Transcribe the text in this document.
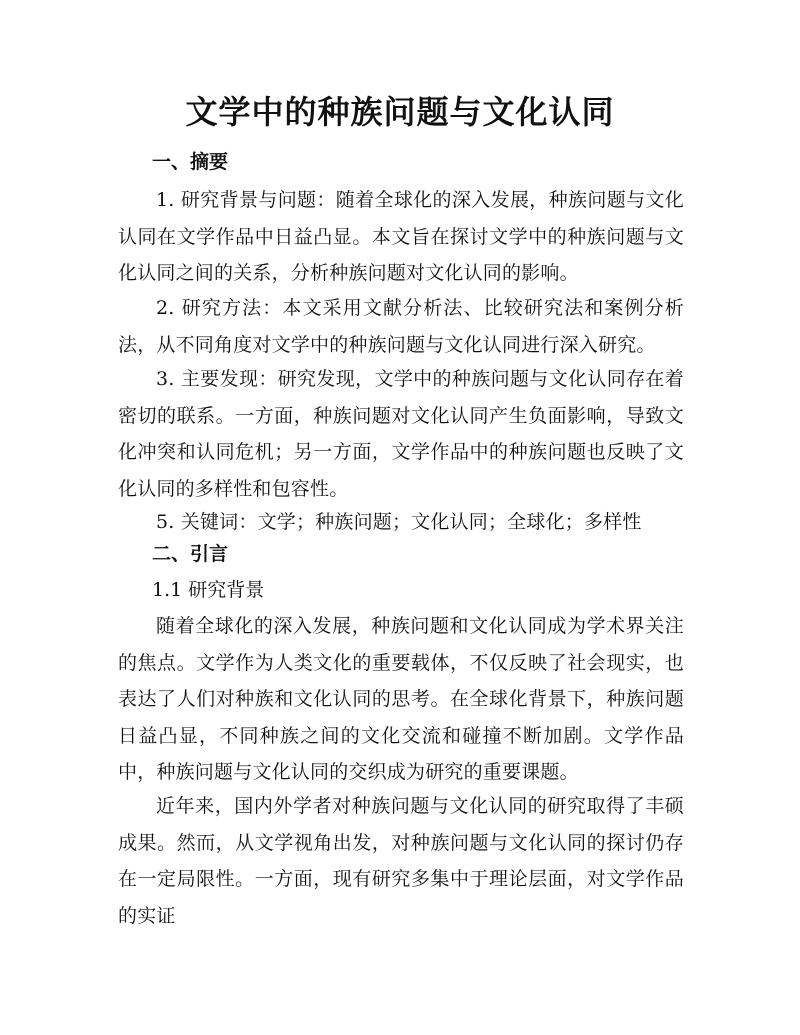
文学中的种族问题与文化认同
一、摘要
1. 研究背景与问题：随着全球化的深入发展，种族问题与文化认同在文学作品中日益凸显。本文旨在探讨文学中的种族问题与文化认同之间的关系，分析种族问题对文化认同的影响。
2. 研究方法：本文采用文献分析法、比较研究法和案例分析法，从不同角度对文学中的种族问题与文化认同进行深入研究。
3. 主要发现：研究发现，文学中的种族问题与文化认同存在着密切的联系。一方面，种族问题对文化认同产生负面影响，导致文化冲突和认同危机；另一方面，文学作品中的种族问题也反映了文化认同的多样性和包容性。
5. 关键词：文学；种族问题；文化认同；全球化；多样性
二、引言
1.1 研究背景
随着全球化的深入发展，种族问题和文化认同成为学术界关注的焦点。文学作为人类文化的重要载体，不仅反映了社会现实，也表达了人们对种族和文化认同的思考。在全球化背景下，种族问题日益凸显，不同种族之间的文化交流和碰撞不断加剧。文学作品中，种族问题与文化认同的交织成为研究的重要课题。
近年来，国内外学者对种族问题与文化认同的研究取得了丰硕成果。然而，从文学视角出发，对种族问题与文化认同的探讨仍存在一定局限性。一方面，现有研究多集中于理论层面，对文学作品的实证
